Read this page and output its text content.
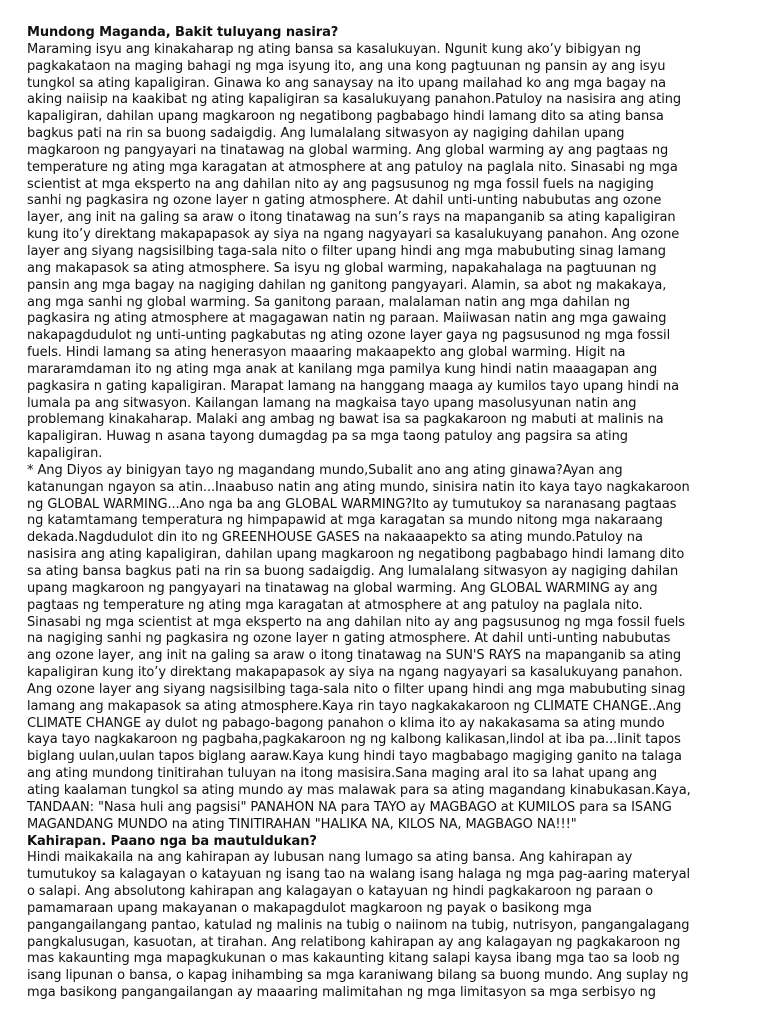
Mundong Maganda, Bakit tuluyang nasira?

Maraming isyu ang kinakaharap ng ating bansa sa kasalukuyan. Ngunit kung ako’y bibigyan ng
pagkakataon na maging bahagi ng mga isyung ito, ang una kong pagtuunan ng pansin ay ang isyu
tungkol sa ating kapaligiran. Ginawa ko ang sanaysay na ito upang mailahad ko ang mga bagay na
aking naiisip na kaakibat ng ating kapaligiran sa kasalukuyang panahon.Patuloy na nasisira ang ating
kapaligiran, dahilan upang magkaroon ng negatibong pagbabago hindi lamang dito sa ating bansa
bagkus pati na rin sa buong sadaigdig. Ang lumalalang sitwasyon ay nagiging dahilan upang
magkaroon ng pangyayari na tinatawag na global warming. Ang global warming ay ang pagtaas ng
temperature ng ating mga karagatan at atmosphere at ang patuloy na paglala nito. Sinasabi ng mga
scientist at mga eksperto na ang dahilan nito ay ang pagsusunog ng mga fossil fuels na nagiging
sanhi ng pagkasira ng ozone layer n gating atmosphere. At dahil unti-unting nabubutas ang ozone
layer, ang init na galing sa araw o itong tinatawag na sun’s rays na mapanganib sa ating kapaligiran
kung ito’y direktang makapapasok ay siya na ngang nagyayari sa kasalukuyang panahon. Ang ozone
layer ang siyang nagsisilbing taga-sala nito o filter upang hindi ang mga mabubuting sinag lamang
ang makapasok sa ating atmosphere. Sa isyu ng global warming, napakahalaga na pagtuunan ng
pansin ang mga bagay na nagiging dahilan ng ganitong pangyayari. Alamin, sa abot ng makakaya,
ang mga sanhi ng global warming. Sa ganitong paraan, malalaman natin ang mga dahilan ng
pagkasira ng ating atmosphere at magagawan natin ng paraan. Maiiwasan natin ang mga gawaing
nakapagdudulot ng unti-unting pagkabutas ng ating ozone layer gaya ng pagsusunod ng mga fossil
fuels. Hindi lamang sa ating henerasyon maaaring makaapekto ang global warming. Higit na
mararamdaman ito ng ating mga anak at kanilang mga pamilya kung hindi natin maaagapan ang
pagkasira n gating kapaligiran. Marapat lamang na hanggang maaga ay kumilos tayo upang hindi na
lumala pa ang sitwasyon. Kailangan lamang na magkaisa tayo upang masolusyunan natin ang
problemang kinakaharap. Malaki ang ambag ng bawat isa sa pagkakaroon ng mabuti at malinis na
kapaligiran. Huwag n asana tayong dumagdag pa sa mga taong patuloy ang pagsira sa ating
kapaligiran.

* Ang Diyos ay binigyan tayo ng magandang mundo,Subalit ano ang ating ginawa?Ayan ang
katanungan ngayon sa atin...Inaabuso natin ang ating mundo, sinisira natin ito kaya tayo nagkakaroon
ng GLOBAL WARMING...Ano nga ba ang GLOBAL WARMING?Ito ay tumutukoy sa naranasang pagtaas
ng katamtamang temperatura ng himpapawid at mga karagatan sa mundo nitong mga nakaraang
dekada.Nagdudulot din ito ng GREENHOUSE GASES na nakaaapekto sa ating mundo.Patuloy na
nasisira ang ating kapaligiran, dahilan upang magkaroon ng negatibong pagbabago hindi lamang dito
sa ating bansa bagkus pati na rin sa buong sadaigdig. Ang lumalalang sitwasyon ay nagiging dahilan
upang magkaroon ng pangyayari na tinatawag na global warming. Ang GLOBAL WARMING ay ang
pagtaas ng temperature ng ating mga karagatan at atmosphere at ang patuloy na paglala nito.
Sinasabi ng mga scientist at mga eksperto na ang dahilan nito ay ang pagsusunog ng mga fossil fuels
na nagiging sanhi ng pagkasira ng ozone layer n gating atmosphere. At dahil unti-unting nabubutas
ang ozone layer, ang init na galing sa araw o itong tinatawag na SUN'S RAYS na mapanganib sa ating
kapaligiran kung ito’y direktang makapapasok ay siya na ngang nagyayari sa kasalukuyang panahon.
Ang ozone layer ang siyang nagsisilbing taga-sala nito o filter upang hindi ang mga mabubuting sinag
lamang ang makapasok sa ating atmosphere.Kaya rin tayo nagkakakaroon ng CLIMATE CHANGE..Ang
CLIMATE CHANGE ay dulot ng pabago-bagong panahon o klima ito ay nakakasama sa ating mundo
kaya tayo nagkakaroon ng pagbaha,pagkakaroon ng ng kalbong kalikasan,lindol at iba pa...Iinit tapos
biglang uulan,uulan tapos biglang aaraw.Kaya kung hindi tayo magbabago magiging ganito na talaga
ang ating mundong tinitirahan tuluyan na itong masisira.Sana maging aral ito sa lahat upang ang
ating kaalaman tungkol sa ating mundo ay mas malawak para sa ating magandang kinabukasan.Kaya,
TANDAAN: "Nasa huli ang pagsisi" PANAHON NA para TAYO ay MAGBAGO at KUMILOS para sa ISANG
MAGANDANG MUNDO na ating TINITIRAHAN "HALIKA NA, KILOS NA, MAGBAGO NA!!!"

Kahirapan. Paano nga ba mautuldukan?

Hindi maikakaila na ang kahirapan ay lubusan nang lumago sa ating bansa. Ang kahirapan ay
tumutukoy sa kalagayan o katayuan ng isang tao na walang isang halaga ng mga pag-aaring materyal
o salapi. Ang absolutong kahirapan ang kalagayan o katayuan ng hindi pagkakaroon ng paraan o
pamamaraan upang makayanan o makapagdulot magkaroon ng payak o basikong mga
pangangailangang pantao, katulad ng malinis na tubig o naiinom na tubig, nutrisyon, pangangalagang
pangkalusugan, kasuotan, at tirahan. Ang relatibong kahirapan ay ang kalagayan ng pagkakaroon ng
mas kakaunting mga mapagkukunan o mas kakaunting kitang salapi kaysa ibang mga tao sa loob ng
isang lipunan o bansa, o kapag inihambing sa mga karaniwang bilang sa buong mundo. Ang suplay ng
mga basikong pangangailangan ay maaaring malimitahan ng mga limitasyon sa mga serbisyo ng
